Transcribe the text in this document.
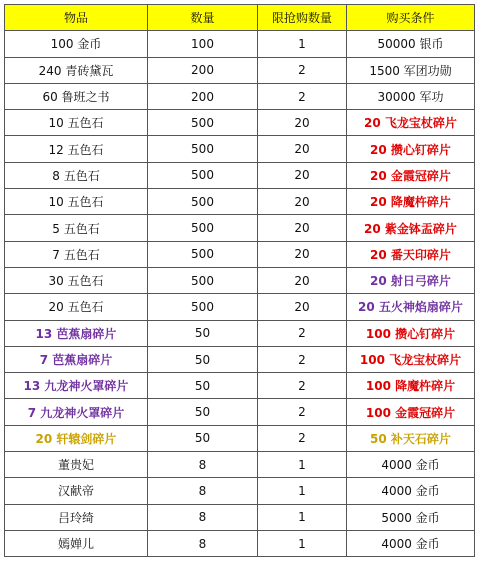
物品	数量	限抢购数量	购买条件
100 金币	100	1	50000 银币
240 青砖黛瓦	200	2	1500 军团功勋
60 鲁班之书	200	2	30000 军功
10 五色石	500	20	20 飞龙宝杖碎片
12 五色石	500	20	20 攒心钉碎片
8 五色石	500	20	20 金霞冠碎片
10 五色石	500	20	20 降魔杵碎片
5 五色石	500	20	20 紫金钵盂碎片
7 五色石	500	20	20 番天印碎片
30 五色石	500	20	20 射日弓碎片
20 五色石	500	20	20 五火神焰扇碎片
13 芭蕉扇碎片	50	2	100 攒心钉碎片
7 芭蕉扇碎片	50	2	100 飞龙宝杖碎片
13 九龙神火罩碎片	50	2	100 降魔杵碎片
7 九龙神火罩碎片	50	2	100 金霞冠碎片
20 轩辕剑碎片	50	2	50 补天石碎片
董贵妃	8	1	4000 金币
汉献帝	8	1	4000 金币
吕玲绮	8	1	5000 金币
嫣婵儿	8	1	4000 金币
